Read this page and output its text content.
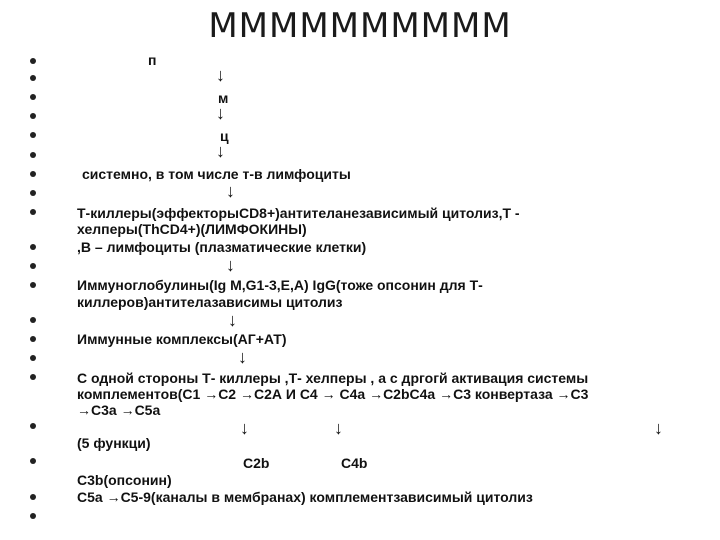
ММММММММММ
п
↓
м
↓
ц
↓
системно, в том числе т-в лимфоциты
↓
Т-киллеры(эффекторыCD8+)антителанезависимый цитолиз,Т -
хелперы(ThCD4+)(ЛИМФОКИНЫ)
,В – лимфоциты (плазматические клетки)
↓
Иммуноглобулины(Ig M,G1-3,E,A) IgG(тоже опсонин для Т-
киллеров)антителазависимы цитолиз
↓
Иммунные комплексы(АГ+АТ)
↓
С одной стороны Т- киллеры ,Т- хелперы , а с дргогй активация системы
комплементов(С1 →С2 →С2А И С4 → С4а →С2bС4а →С3 конвертаза →С3
→С3а →С5а
↓	↓	↓
(5 функци)
C2b	C4b
C3b(опсонин)
C5a →C5-9(каналы в мембранах) комплементзависимый цитолиз
